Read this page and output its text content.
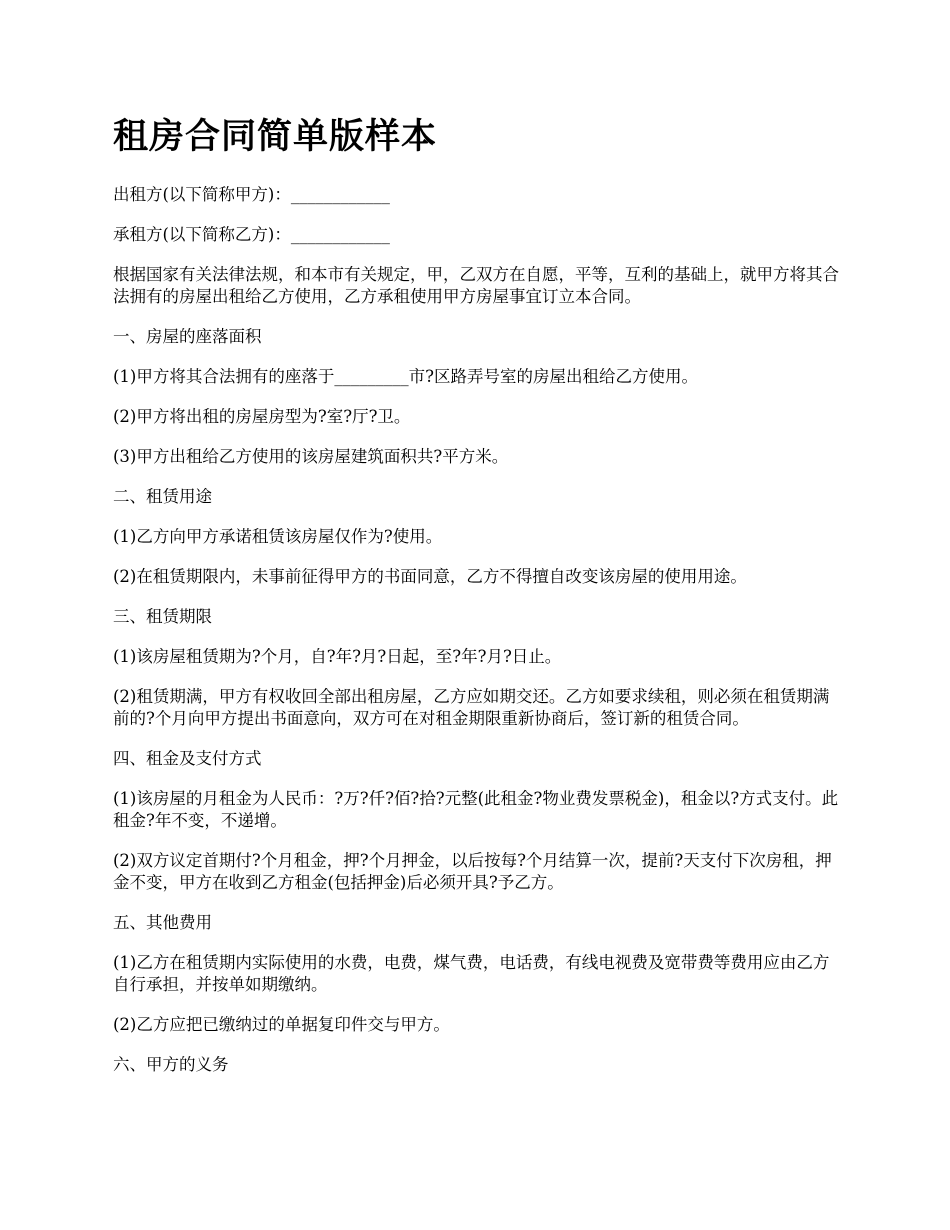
租房合同简单版样本

出租方(以下简称甲方)：____________

承租方(以下简称乙方)：____________

根据国家有关法律法规，和本市有关规定，甲，乙双方在自愿，平等，互利的基础上，就甲方将其合法拥有的房屋出租给乙方使用，乙方承租使用甲方房屋事宜订立本合同。

一、房屋的座落面积

(1)甲方将其合法拥有的座落于_________市?区路弄号室的房屋出租给乙方使用。

(2)甲方将出租的房屋房型为?室?厅?卫。

(3)甲方出租给乙方使用的该房屋建筑面积共?平方米。

二、租赁用途

(1)乙方向甲方承诺租赁该房屋仅作为?使用。

(2)在租赁期限内，未事前征得甲方的书面同意，乙方不得擅自改变该房屋的使用用途。

三、租赁期限

(1)该房屋租赁期为?个月，自?年?月?日起，至?年?月?日止。

(2)租赁期满，甲方有权收回全部出租房屋，乙方应如期交还。乙方如要求续租，则必须在租赁期满前的?个月向甲方提出书面意向，双方可在对租金期限重新协商后，签订新的租赁合同。

四、租金及支付方式

(1)该房屋的月租金为人民币：?万?仟?佰?拾?元整(此租金?物业费发票税金)，租金以?方式支付。此租金?年不变，不递增。

(2)双方议定首期付?个月租金，押?个月押金，以后按每?个月结算一次，提前?天支付下次房租，押金不变，甲方在收到乙方租金(包括押金)后必须开具?予乙方。

五、其他费用

(1)乙方在租赁期内实际使用的水费，电费，煤气费，电话费，有线电视费及宽带费等费用应由乙方自行承担，并按单如期缴纳。

(2)乙方应把已缴纳过的单据复印件交与甲方。

六、甲方的义务
